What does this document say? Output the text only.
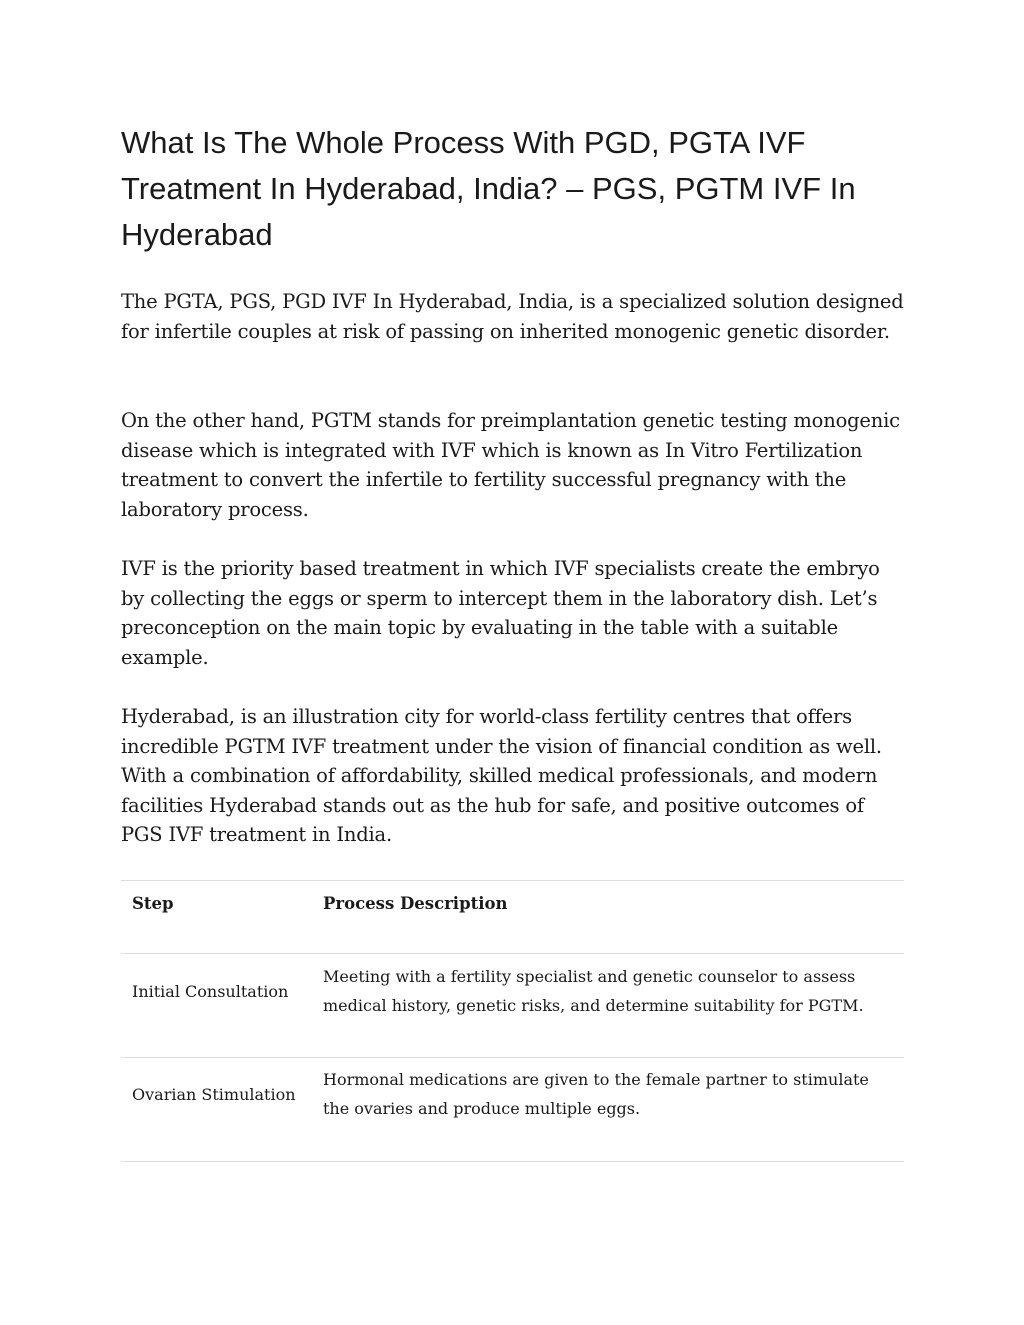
What Is The Whole Process With PGD, PGTA IVF Treatment In Hyderabad, India? – PGS, PGTM IVF In Hyderabad

The PGTA, PGS, PGD IVF In Hyderabad, India, is a specialized solution designed for infertile couples at risk of passing on inherited monogenic genetic disorder.

On the other hand, PGTM stands for preimplantation genetic testing monogenic disease which is integrated with IVF which is known as In Vitro Fertilization treatment to convert the infertile to fertility successful pregnancy with the laboratory process.

IVF is the priority based treatment in which IVF specialists create the embryo by collecting the eggs or sperm to intercept them in the laboratory dish. Let’s preconception on the main topic by evaluating in the table with a suitable example.

Hyderabad, is an illustration city for world-class fertility centres that offers incredible PGTM IVF treatment under the vision of financial condition as well. With a combination of affordability, skilled medical professionals, and modern facilities Hyderabad stands out as the hub for safe, and positive outcomes of PGS IVF treatment in India.

Step	Process Description
Initial Consultation
Meeting with a fertility specialist and genetic counselor to assess medical history, genetic risks, and determine suitability for PGTM.
Ovarian Stimulation
Hormonal medications are given to the female partner to stimulate the ovaries and produce multiple eggs.
